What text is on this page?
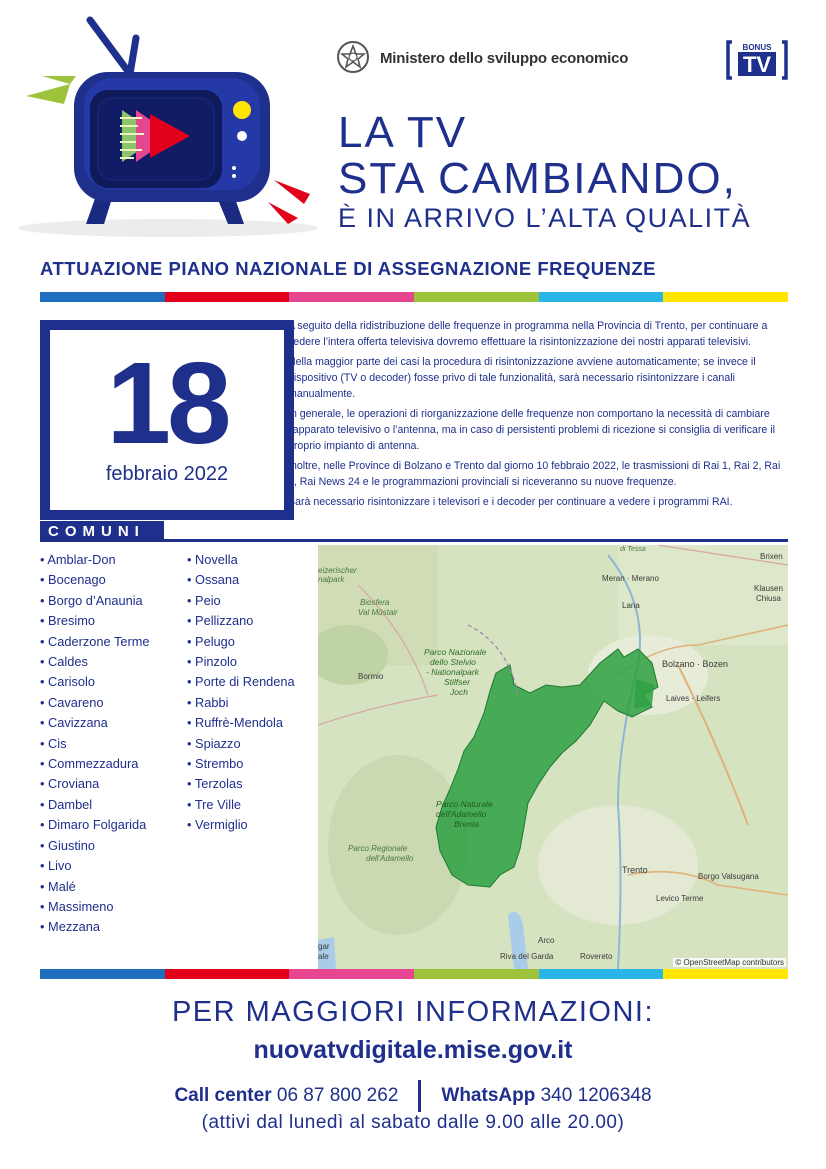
Ministero dello sviluppo economico
BONUS
TV
LA TV
STA CAMBIANDO,
È IN ARRIVO L’ALTA QUALITÀ
ATTUAZIONE PIANO NAZIONALE DI ASSEGNAZIONE FREQUENZE
18
febbraio 2022

A seguito della ridistribuzione delle frequenze in programma nella Provincia di Trento, per continuare a vedere l’intera offerta televisiva dovremo effettuare la risintonizzazione dei nostri apparati televisivi.

Nella maggior parte dei casi la procedura di risintonizzazione avviene automaticamente; se invece il dispositivo (TV o decoder) fosse privo di tale funzionalità, sarà necessario risintonizzare i canali manualmente.

In generale, le operazioni di riorganizzazione delle frequenze non comportano la necessità di cambiare l’apparato televisivo o l’antenna, ma in caso di persistenti problemi di ricezione si consiglia di verificare il proprio impianto di antenna.

Inoltre, nelle Province di Bolzano e Trento dal giorno 10 febbraio 2022, le trasmissioni di Rai 1, Rai 2, Rai 3, Rai News 24 e le programmazioni provinciali si riceveranno su nuove frequenze.

Sarà necessario risintonizzare i televisori e i decoder per continuare a vedere i programmi RAI.

COMUNI
• Amblar-Don
• Bocenago
• Borgo d’Anaunia
• Bresimo
• Caderzone Terme
• Caldes
• Carisolo
• Cavareno
• Cavizzana
• Cis
• Commezzadura
• Croviana
• Dambel
• Dimaro Folgarida
• Giustino
• Livo
• Malé
• Massimeno
• Mezzana
• Novella
• Ossana
• Peio
• Pellizzano
• Pelugo
• Pinzolo
• Porte di Rendena
• Rabbi
• Ruffrè-Mendola
• Spiazzo
• Strembo
• Terzolas
• Tre Ville
• Vermiglio
eizerischer nalpark
Biosfera
Val Müstair
Parco Nazionale
dello Stelvio
- Nationalpark
Stilfser
Joch
Bormio
di Tessa
Meran · Merano
Lana
Brixen
Klausen
Chiusa
Bolzano · Bozen
Laives · Leifers
Parco Naturale
dell'Adamello
Brenta
Parco Regionale
dell'Adamello
Trento
Borgo Valsugana
Levico Terme
Arco
Riva del Garda	Rovereto
gar
ale
© OpenStreetMap contributors
PER MAGGIORI INFORMAZIONI:
nuovatvdigitale.mise.gov.it
Call center 06 87 800 262 WhatsApp 340 1206348
(attivi dal lunedì al sabato dalle 9.00 alle 20.00)
